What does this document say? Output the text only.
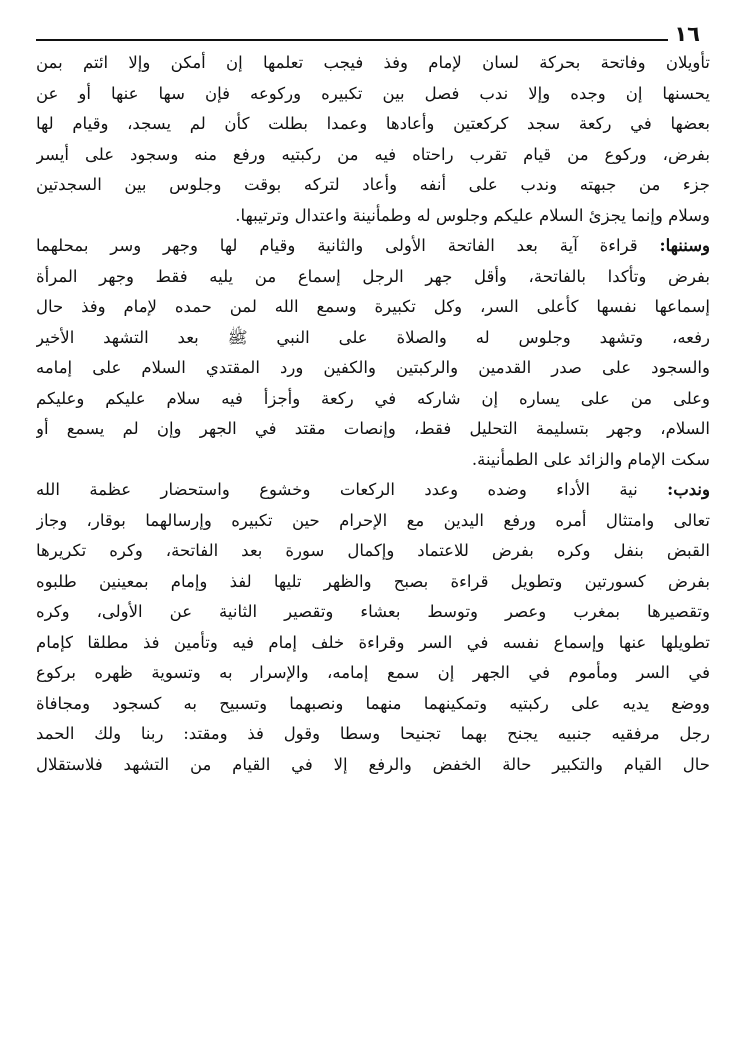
١٦
تأويلان وفاتحة بحركة لسان لإمام وفذ فيجب تعلمها إن أمكن وإلا ائتم بمن
يحسنها إن وجده وإلا ندب فصل بين تكبيره وركوعه فإن سها عنها أو عن
بعضها في ركعة سجد كركعتين وأعادها وعمدا بطلت كأن لم يسجد، وقيام لها
بفرض، وركوع من قيام تقرب راحتاه فيه من ركبتيه ورفع منه وسجود على أيسر
جزء من جبهته وندب على أنفه وأعاد لتركه بوقت وجلوس بين السجدتين
وسلام وإنما يجزئ السلام عليكم وجلوس له وطمأنينة واعتدال وترتيبها.
وسننها: قراءة آية بعد الفاتحة الأولى والثانية وقيام لها وجهر وسر بمحلهما
بفرض وتأكدا بالفاتحة، وأقل جهر الرجل إسماع من يليه فقط وجهر المرأة
إسماعها نفسها كأعلى السر، وكل تكبيرة وسمع الله لمن حمده لإمام وفذ حال
رفعه، وتشهد وجلوس له والصلاة على النبي ﷺ بعد التشهد الأخير
والسجود على صدر القدمين والركبتين والكفين ورد المقتدي السلام على إمامه
وعلى من على يساره إن شاركه في ركعة وأجزأ فيه سلام عليكم وعليكم
السلام، وجهر بتسليمة التحليل فقط، وإنصات مقتد في الجهر وإن لم يسمع أو
سكت الإمام والزائد على الطمأنينة.
وندب: نية الأداء وضده وعدد الركعات وخشوع واستحضار عظمة الله
تعالى وامتثال أمره ورفع اليدين مع الإحرام حين تكبيره وإرسالهما بوقار، وجاز
القبض بنفل وكره بفرض للاعتماد وإكمال سورة بعد الفاتحة، وكره تكريرها
بفرض كسورتين وتطويل قراءة بصبح والظهر تليها لفذ وإمام بمعينين طلبوه
وتقصيرها بمغرب وعصر وتوسط بعشاء وتقصير الثانية عن الأولى، وكره
تطويلها عنها وإسماع نفسه في السر وقراءة خلف إمام فيه وتأمين فذ مطلقا كإمام
في السر ومأموم في الجهر إن سمع إمامه، والإسرار به وتسوية ظهره بركوع
ووضع يديه على ركبتيه وتمكينهما منهما ونصبهما وتسبيح به كسجود ومجافاة
رجل مرفقيه جنبيه يجنح بهما تجنيحا وسطا وقول فذ ومقتد: ربنا ولك الحمد
حال القيام والتكبير حالة الخفض والرفع إلا في القيام من التشهد فلاستقلال
